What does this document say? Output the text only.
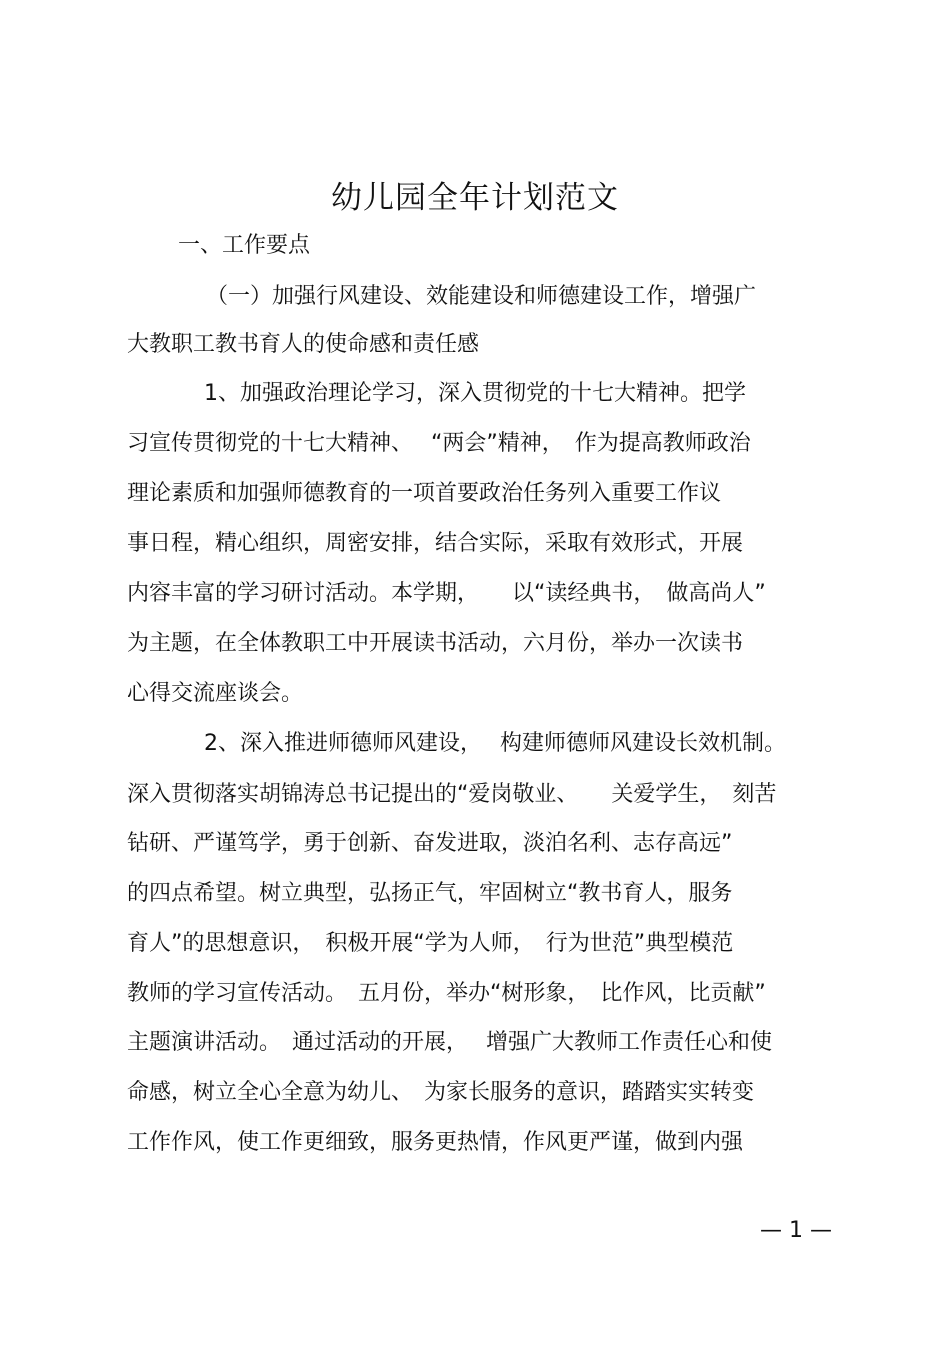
幼儿园全年计划范文
一、工作要点
（一）加强行风建设、效能建设和师德建设工作，增强广
大教职工教书育人的使命感和责任感
1、加强政治理论学习，深入贯彻党的十七大精神。把学
习宣传贯彻党的十七大精神、　 “两会”精神，　作为提高教师政治
理论素质和加强师德教育的一项首要政治任务列入重要工作议
事日程，精心组织，周密安排，结合实际，采取有效形式，开展
内容丰富的学习研讨活动。本学期，　　以“读经典书，　做高尚人”
为主题，在全体教职工中开展读书活动，六月份，举办一次读书
心得交流座谈会。
2、深入推进师德师风建设，　 构建师德师风建设长效机制。
深入贯彻落实胡锦涛总书记提出的“爱岗敬业、　　关爱学生，　刻苦
钻研、严谨笃学，勇于创新、奋发进取，淡泊名利、志存高远”
的四点希望。树立典型，弘扬正气，牢固树立“教书育人，服务
育人”的思想意识，　积极开展“学为人师，　行为世范”典型模范
教师的学习宣传活动。　五月份，举办“树形象，　比作风，比贡献”
主题演讲活动。　通过活动的开展，　 增强广大教师工作责任心和使
命感，树立全心全意为幼儿、　为家长服务的意识，踏踏实实转变
工作作风，使工作更细致，服务更热情，作风更严谨，做到内强
— 1 —
